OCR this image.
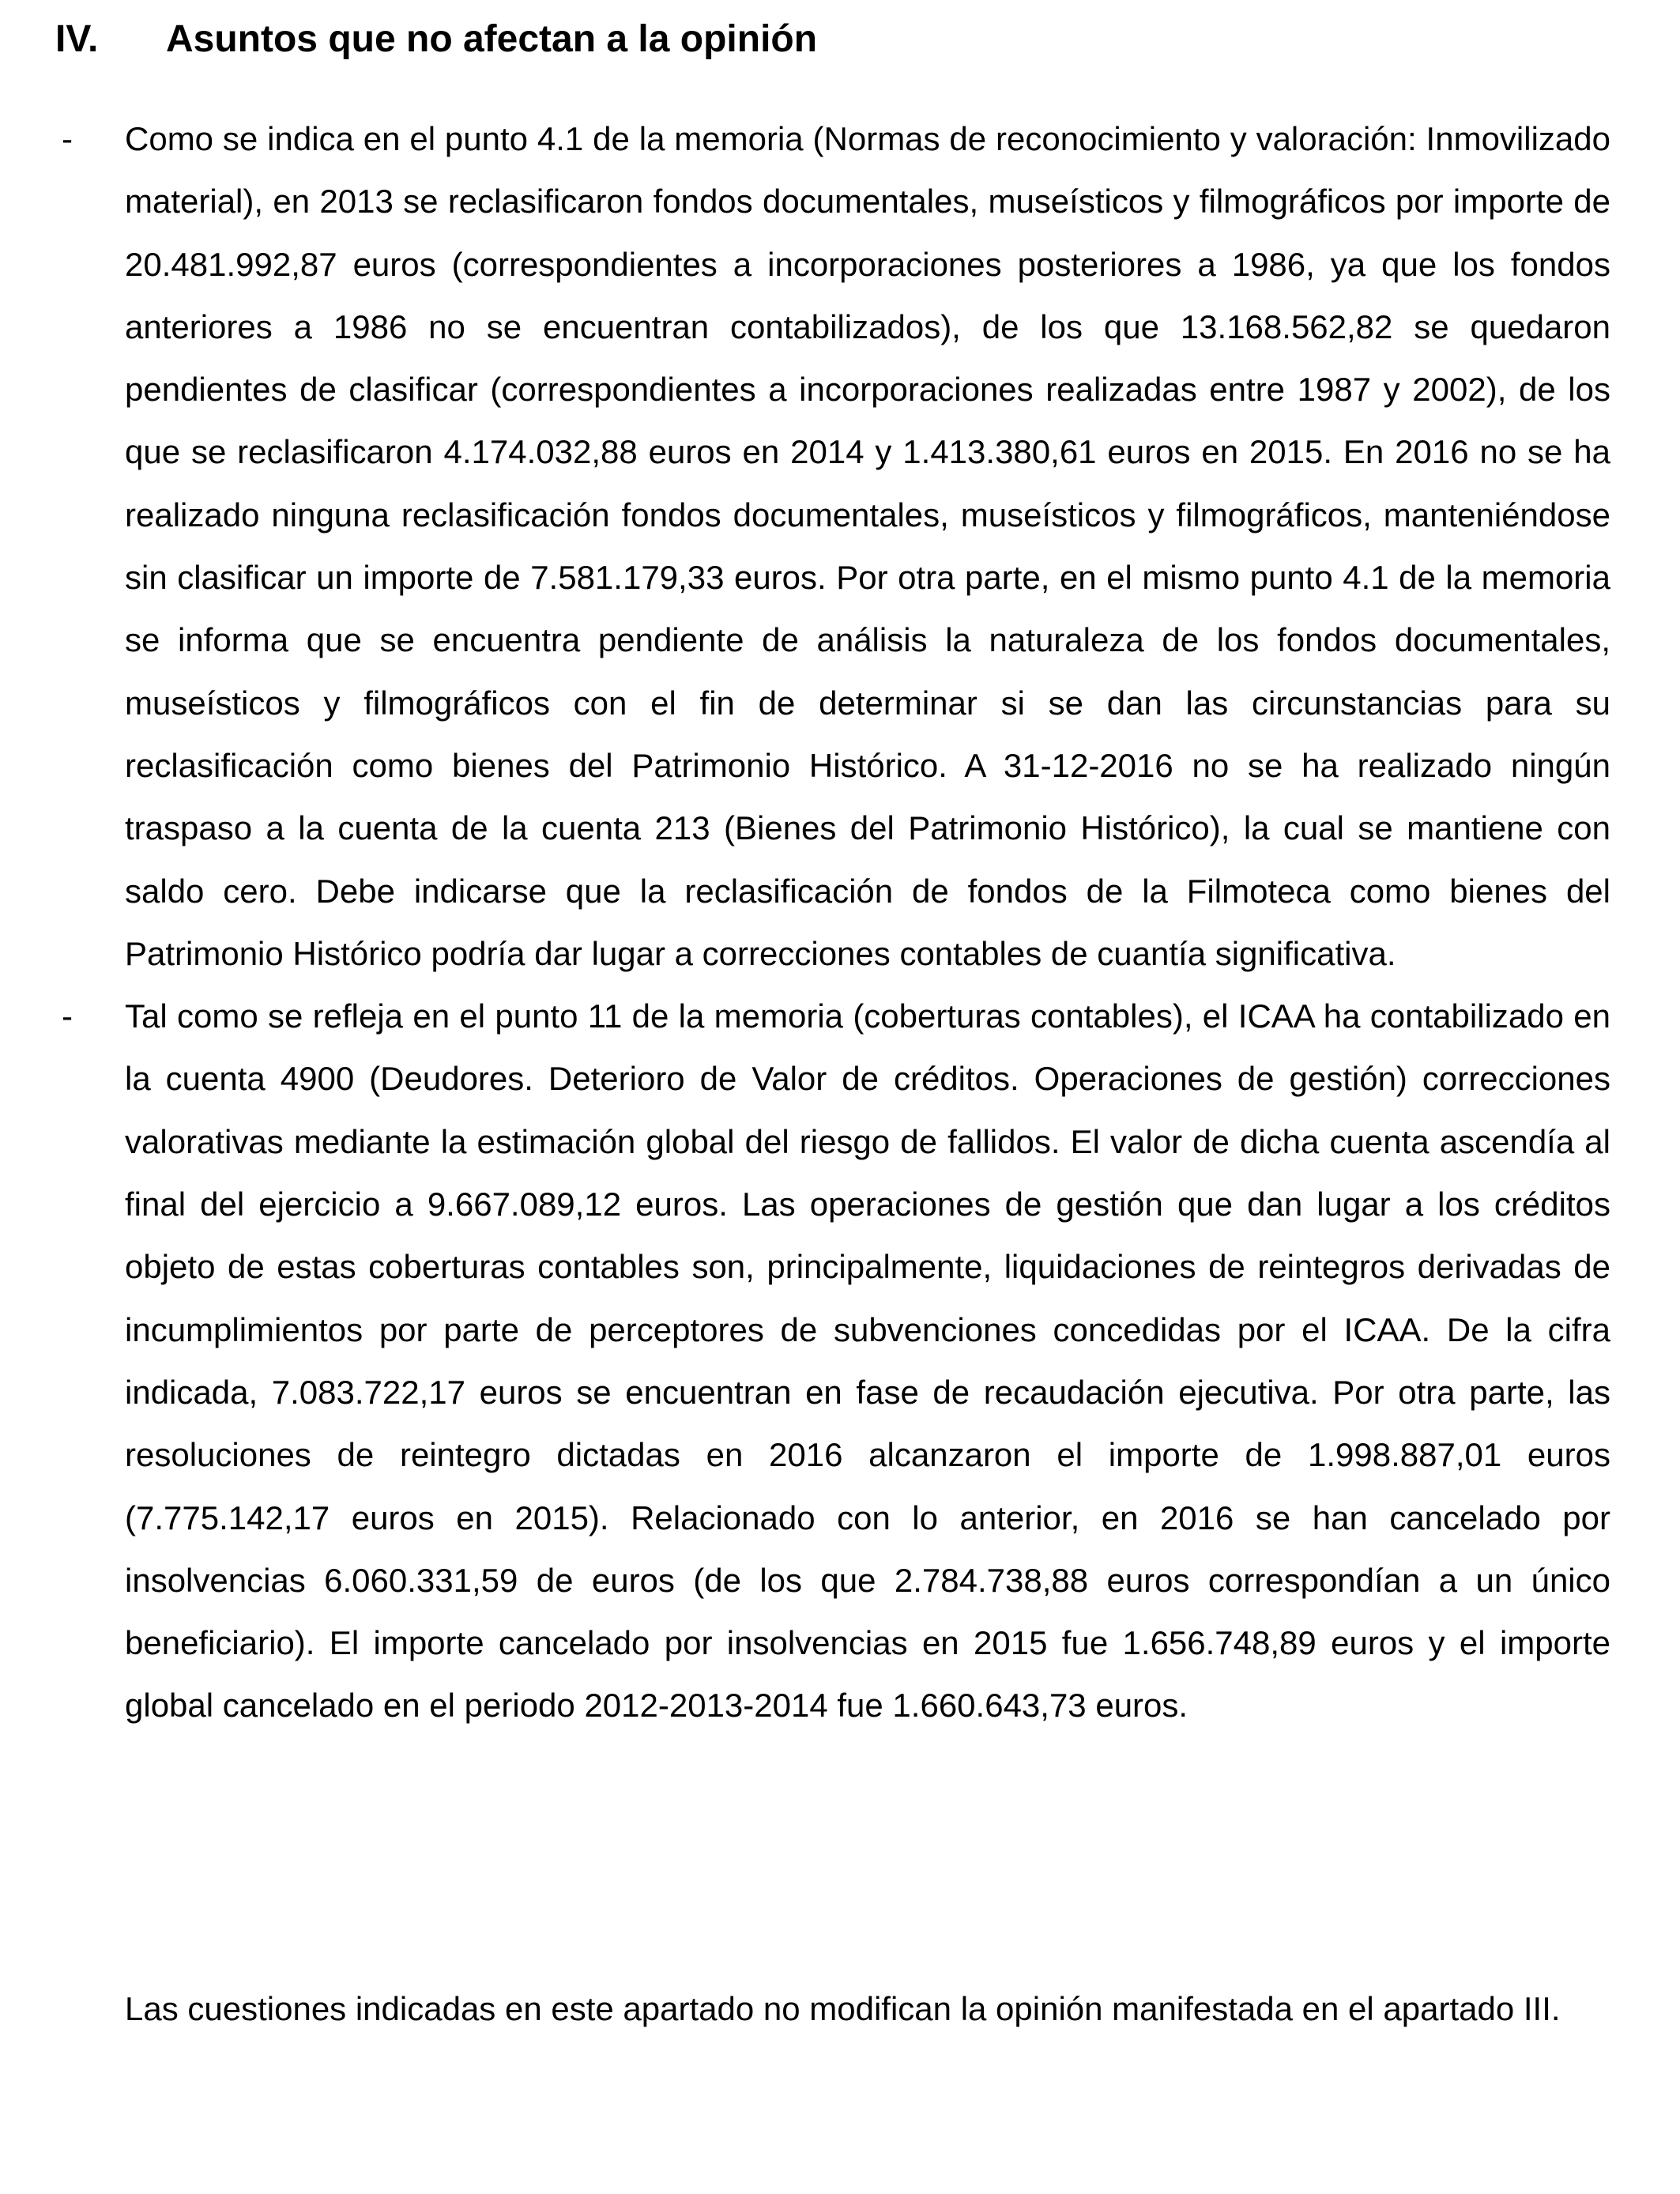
IV. Asuntos que no afectan a la opinión
- Como se indica en el punto 4.1 de la memoria (Normas de reconocimiento y valoración: Inmovilizado material), en 2013 se reclasificaron fondos documentales, museísticos y filmográficos por importe de 20.481.992,87 euros (correspondientes a incorporaciones posteriores a 1986, ya que los fondos anteriores a 1986 no se encuentran contabilizados), de los que 13.168.562,82 se quedaron pendientes de clasificar (correspondientes a incorporaciones realizadas entre 1987 y 2002), de los que se reclasificaron 4.174.032,88 euros en 2014 y 1.413.380,61 euros en 2015. En 2016 no se ha realizado ninguna reclasificación fondos documentales, museísticos y filmográficos, manteniéndose sin clasificar un importe de 7.581.179,33 euros. Por otra parte, en el mismo punto 4.1 de la memoria se informa que se encuentra pendiente de análisis la naturaleza de los fondos documentales, museísticos y filmográficos con el fin de determinar si se dan las circunstancias para su reclasificación como bienes del Patrimonio Histórico. A 31-12-2016 no se ha realizado ningún traspaso a la cuenta de la cuenta 213 (Bienes del Patrimonio Histórico), la cual se mantiene con saldo cero. Debe indicarse que la reclasificación de fondos de la Filmoteca como bienes del Patrimonio Histórico podría dar lugar a correcciones contables de cuantía significativa.
- Tal como se refleja en el punto 11 de la memoria (coberturas contables), el ICAA ha contabilizado en la cuenta 4900 (Deudores. Deterioro de Valor de créditos. Operaciones de gestión) correcciones valorativas mediante la estimación global del riesgo de fallidos. El valor de dicha cuenta ascendía al final del ejercicio a 9.667.089,12 euros. Las operaciones de gestión que dan lugar a los créditos objeto de estas coberturas contables son, principalmente, liquidaciones de reintegros derivadas de incumplimientos por parte de perceptores de subvenciones concedidas por el ICAA. De la cifra indicada, 7.083.722,17 euros se encuentran en fase de recaudación ejecutiva. Por otra parte, las resoluciones de reintegro dictadas en 2016 alcanzaron el importe de 1.998.887,01 euros (7.775.142,17 euros en 2015). Relacionado con lo anterior, en 2016 se han cancelado por insolvencias 6.060.331,59 de euros (de los que 2.784.738,88 euros correspondían a un único beneficiario). El importe cancelado por insolvencias en 2015 fue 1.656.748,89 euros y el importe global cancelado en el periodo 2012-2013-2014 fue 1.660.643,73 euros.

Las cuestiones indicadas en este apartado no modifican la opinión manifestada en el apartado III.
